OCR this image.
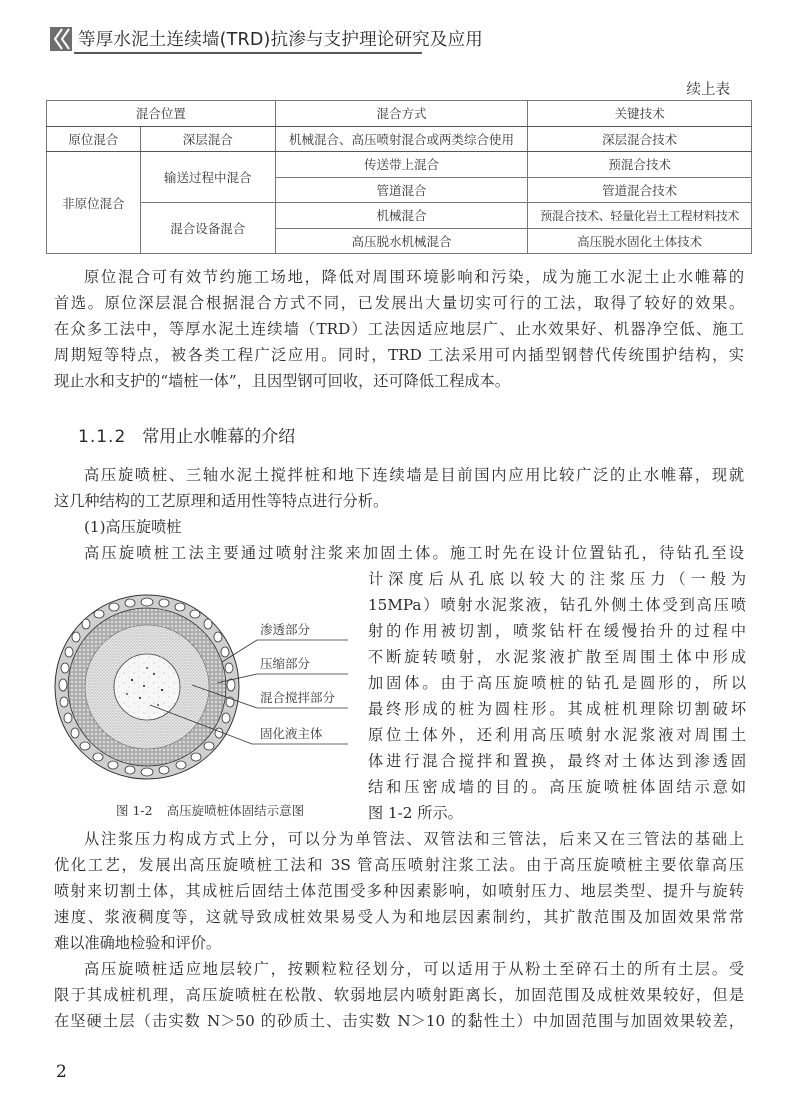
等厚水泥土连续墙(TRD)抗渗与支护理论研究及应用
续上表
混合位置		混合方式	关键技术
原位混合	深层混合	机械混合、高压喷射混合或两类综合使用	深层混合技术
非原位混合	输送过程中混合	传送带上混合	预混合技术
		管道混合	管道混合技术
	混合设备混合	机械混合	预混合技术、轻量化岩土工程材料技术
		高压脱水机械混合	高压脱水固化土体技术
原位混合可有效节约施工场地，降低对周围环境影响和污染，成为施工水泥土止水帷幕的
首选。原位深层混合根据混合方式不同，已发展出大量切实可行的工法，取得了较好的效果。
在众多工法中，等厚水泥土连续墙（TRD）工法因适应地层广、止水效果好、机器净空低、施工
周期短等特点，被各类工程广泛应用。同时，TRD 工法采用可内插型钢替代传统围护结构，实
现止水和支护的“墙桩一体”，且因型钢可回收，还可降低工程成本。
1.1.2 常用止水帷幕的介绍
高压旋喷桩、三轴水泥土搅拌桩和地下连续墙是目前国内应用比较广泛的止水帷幕，现就
这几种结构的工艺原理和适用性等特点进行分析。
(1)高压旋喷桩
高压旋喷桩工法主要通过喷射注浆来加固土体。施工时先在设计位置钻孔，待钻孔至设
渗透部分
压缩部分
混合搅拌部分
固化液主体
图 1-2 高压旋喷桩体固结示意图
计深度后从孔底以较大的注浆压力（一般为
15MPa）喷射水泥浆液，钻孔外侧土体受到高压喷
射的作用被切割，喷浆钻杆在缓慢抬升的过程中
不断旋转喷射，水泥浆液扩散至周围土体中形成
加固体。由于高压旋喷桩的钻孔是圆形的，所以
最终形成的桩为圆柱形。其成桩机理除切割破坏
原位土体外，还利用高压喷射水泥浆液对周围土
体进行混合搅拌和置换，最终对土体达到渗透固
结和压密成墙的目的。高压旋喷桩体固结示意如
图 1-2 所示。
从注浆压力构成方式上分，可以分为单管法、双管法和三管法，后来又在三管法的基础上
优化工艺，发展出高压旋喷桩工法和 3S 管高压喷射注浆工法。由于高压旋喷桩主要依靠高压
喷射来切割土体，其成桩后固结土体范围受多种因素影响，如喷射压力、地层类型、提升与旋转
速度、浆液稠度等，这就导致成桩效果易受人为和地层因素制约，其扩散范围及加固效果常常
难以准确地检验和评价。
高压旋喷桩适应地层较广，按颗粒粒径划分，可以适用于从粉土至碎石土的所有土层。受
限于其成桩机理，高压旋喷桩在松散、软弱地层内喷射距离长，加固范围及成桩效果较好，但是
在坚硬土层（击实数 N＞50 的砂质土、击实数 N＞10 的黏性土）中加固范围与加固效果较差，
2
